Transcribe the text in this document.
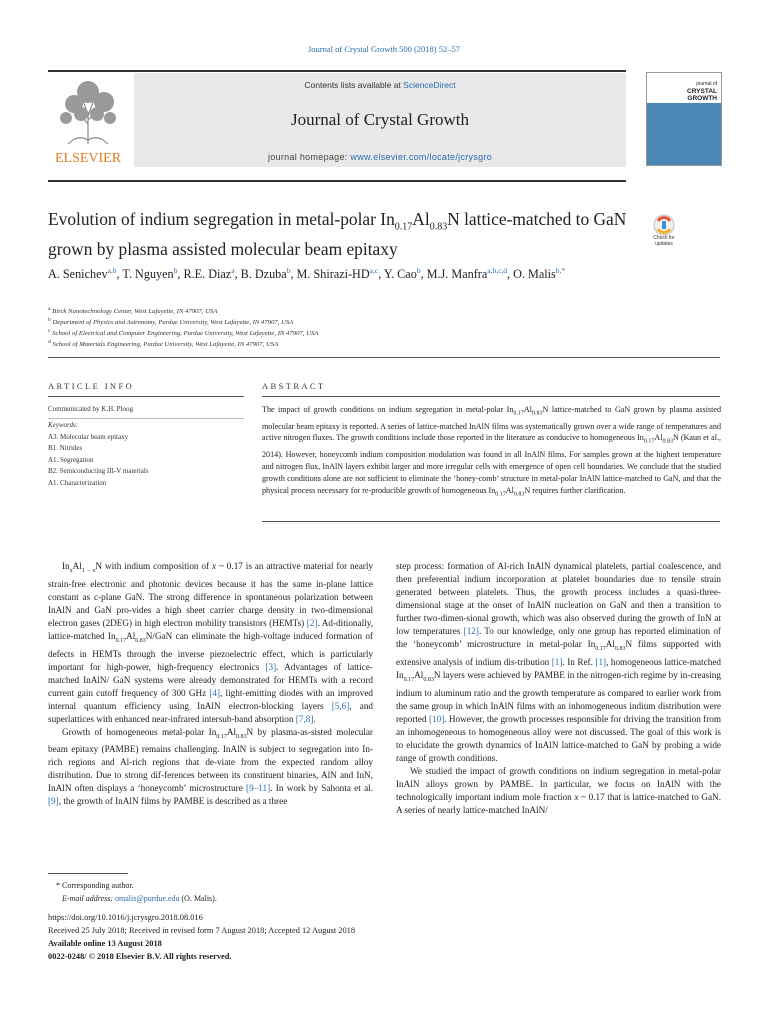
Journal of Crystal Growth 500 (2018) 52–57
ELSEVIER
Contents lists available at ScienceDirect
Journal of Crystal Growth
journal homepage: www.elsevier.com/locate/jcrysgro
journal of
CRYSTAL
GROWTH
Evolution of indium segregation in metal-polar $In_{0.17}Al_{0.83}N$ lattice-matched to GaN grown by plasma assisted molecular beam epitaxy
Check for
updates
A. Senichev$^{a,b}$, T. Nguyen$^b$, R.E. Diaz$^a$, B. Dzuba$^b$, M. Shirazi-HD$^{a,c}$, Y. Cao$^b$, M.J. Manfra$^{a,b,c,d}$, O. Malis$^{b,*}$
$^a$ Birck Nanotechnology Center, West Lafayette, IN 47907, USA
$^b$ Department of Physics and Astronomy, Purdue University, West Lafayette, IN 47907, USA
$^c$ School of Electrical and Computer Engineering, Purdue University, West Lafayette, IN 47907, USA
$^d$ School of Materials Engineering, Purdue University, West Lafayette, IN 47907, USA
ARTICLE INFO
Communicated by K.H. Ploog
Keywords:
A3. Molecular beam epitaxy
B1. Nitrides
A1. Segregation
B2. Semiconducting III-V materials
A1. Characterization
ABSTRACT
The impact of growth conditions on indium segregation in metal-polar $In_{0.17}Al_{0.83}N$ lattice-matched to GaN grown by plasma assisted molecular beam epitaxy is reported. A series of lattice-matched InAlN films was systematically grown over a wide range of temperatures and active nitrogen fluxes. The growth conditions include those reported in the literature as conducive to homogeneous $In_{0.17}Al_{0.83}N$ (Kaun et al., 2014). However, honeycomb indium composition modulation was found in all InAlN films. For samples grown at the highest temperature and nitrogen flux, InAlN layers exhibit larger and more irregular cells with emergence of open cell boundaries. We conclude that the studied growth conditions alone are not sufficient to eliminate the ‘honey-comb’ structure in metal-polar InAlN lattice-matched to GaN, and that the physical process necessary for re-producible growth of homogeneous $In_{0.17}Al_{0.83}N$ requires further clarification.

$In_xAl_{1 - x}N$ with indium composition of x ~ 0.17 is an attractive material for nearly strain-free electronic and photonic devices because it has the same in-plane lattice constant as c-plane GaN. The strong difference in spontaneous polarization between InAlN and GaN pro-vides a high sheet carrier charge density in two-dimensional electron gases (2DEG) in high electron mobility transistors (HEMTs) [2]. Ad-ditionally, lattice-matched $In_{0.17}Al_{0.83}N$/GaN can eliminate the high-voltage induced formation of defects in HEMTs through the inverse piezoelectric effect, which is particularly important for high-power, high-frequency electronics [3]. Advantages of lattice-matched InAlN/ GaN systems were already demonstrated for HEMTs with a record current gain cutoff frequency of 300 GHz [4], light-emitting diodes with an improved internal quantum efficiency using InAlN electron-blocking layers [5,6], and superlattices with enhanced near-infrared intersub-band absorption [7,8].

Growth of homogeneous metal-polar $In_{0.17}Al_{0.83}N$ by plasma-as-sisted molecular beam epitaxy (PAMBE) remains challenging. InAlN is subject to segregation into In-rich regions and Al-rich regions that de-viate from the expected random alloy distribution. Due to strong dif-ferences between its constituent binaries, AlN and InN, InAlN often displays a ‘honeycomb’ microstructure [9–11]. In work by Sahonta et al. [9], the growth of InAlN films by PAMBE is described as a three

step process: formation of Al-rich InAlN dynamical platelets, partial coalescence, and then preferential indium incorporation at platelet boundaries due to tensile strain generated between platelets. Thus, the growth process includes a quasi-three-dimensional stage at the onset of InAlN nucleation on GaN and then a transition to further two-dimen-sional growth, which was also observed during the growth of InN at low temperatures [12]. To our knowledge, only one group has reported elimination of the ‘honeycomb’ microstructure in metal-polar $In_{0.17}Al_{0.83}N$ films supported with extensive analysis of indium dis-tribution [1]. In Ref. [1], homogeneous lattice-matched $In_{0.17}Al_{0.83}N$ layers were achieved by PAMBE in the nitrogen-rich regime by in-creasing indium to aluminum ratio and the growth temperature as compared to earlier work from the same group in which InAlN films with an inhomogeneous indium distribution were reported [10]. However, the growth processes responsible for driving the transition from an inhomogeneous to homogeneous alloy were not discussed. The goal of this work is to elucidate the growth dynamics of InAlN lattice-matched to GaN by probing a wide range of growth conditions.

We studied the impact of growth conditions on indium segregation in metal-polar InAlN alloys grown by PAMBE. In particular, we focus on InAlN with the technologically important indium mole fraction x ~ 0.17 that is lattice-matched to GaN. A series of nearly lattice-matched InAlN/

* Corresponding author.
E-mail address: omalis@purdue.edu (O. Malis).
https://doi.org/10.1016/j.jcrysgro.2018.08.016
Received 25 July 2018; Received in revised form 7 August 2018; Accepted 12 August 2018
Available online 13 August 2018
0022-0248/ © 2018 Elsevier B.V. All rights reserved.
